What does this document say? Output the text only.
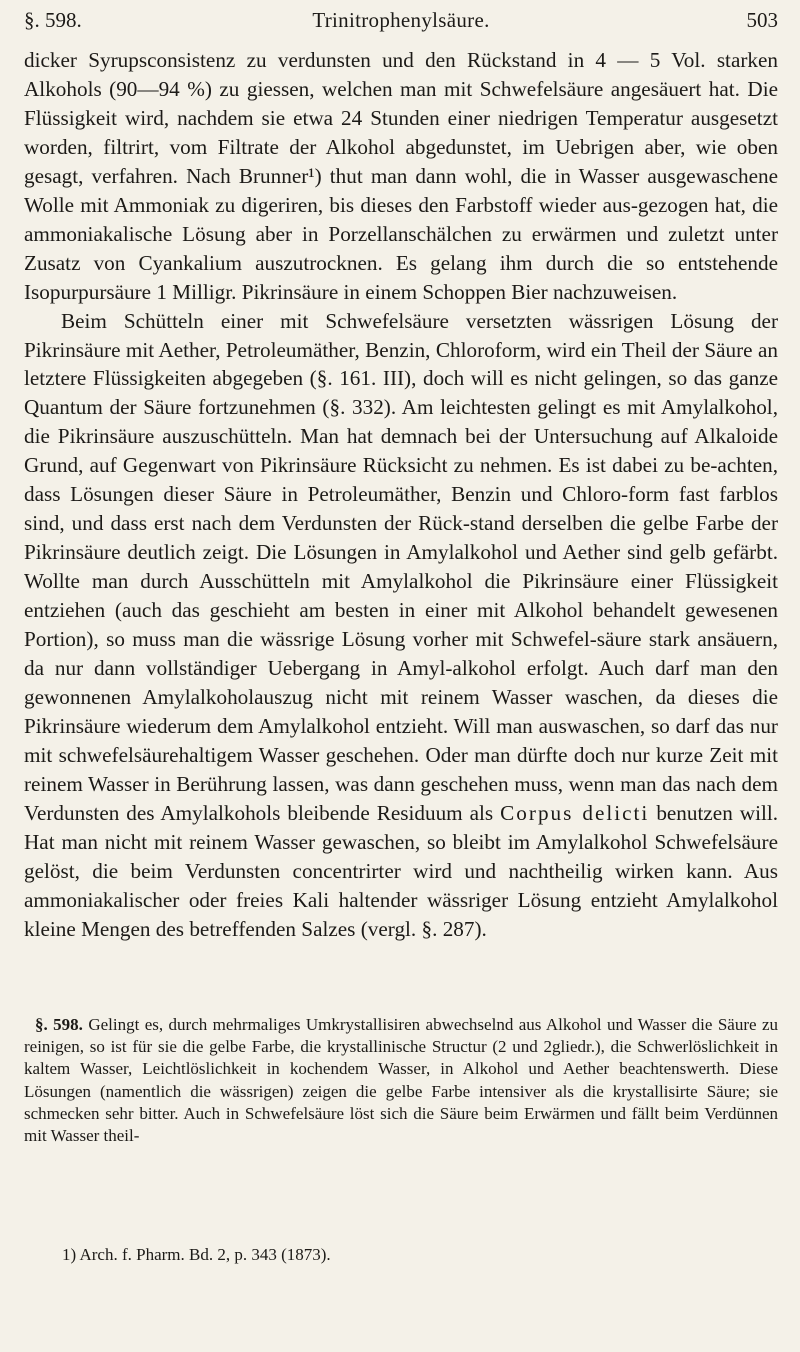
§. 598.	Trinitrophenylsäure.	503

dicker Syrupsconsistenz zu verdunsten und den Rückstand in 4 — 5 Vol. starken Alkohols (90—94 %) zu giessen, welchen man mit Schwefelsäure angesäuert hat. Die Flüssigkeit wird, nachdem sie etwa 24 Stunden einer niedrigen Temperatur ausgesetzt worden, filtrirt, vom Filtrate der Alkohol abgedunstet, im Uebrigen aber, wie oben gesagt, verfahren. Nach Brunner¹) thut man dann wohl, die in Wasser ausgewaschene Wolle mit Ammoniak zu digeriren, bis dieses den Farbstoff wieder aus-gezogen hat, die ammoniakalische Lösung aber in Porzellanschälchen zu erwärmen und zuletzt unter Zusatz von Cyankalium auszutrocknen. Es gelang ihm durch die so entstehende Isopurpursäure 1 Milligr. Pikrinsäure in einem Schoppen Bier nachzuweisen.

Beim Schütteln einer mit Schwefelsäure versetzten wässrigen Lösung der Pikrinsäure mit Aether, Petroleumäther, Benzin, Chloroform, wird ein Theil der Säure an letztere Flüssigkeiten abgegeben (§. 161. III), doch will es nicht gelingen, so das ganze Quantum der Säure fortzunehmen (§. 332). Am leichtesten gelingt es mit Amylalkohol, die Pikrinsäure auszuschütteln. Man hat demnach bei der Untersuchung auf Alkaloide Grund, auf Gegenwart von Pikrinsäure Rücksicht zu nehmen. Es ist dabei zu be-achten, dass Lösungen dieser Säure in Petroleumäther, Benzin und Chloro-form fast farblos sind, und dass erst nach dem Verdunsten der Rück-stand derselben die gelbe Farbe der Pikrinsäure deutlich zeigt. Die Lösungen in Amylalkohol und Aether sind gelb gefärbt. Wollte man durch Ausschütteln mit Amylalkohol die Pikrinsäure einer Flüssigkeit entziehen (auch das geschieht am besten in einer mit Alkohol behandelt gewesenen Portion), so muss man die wässrige Lösung vorher mit Schwefel-säure stark ansäuern, da nur dann vollständiger Uebergang in Amyl-alkohol erfolgt. Auch darf man den gewonnenen Amylalkoholauszug nicht mit reinem Wasser waschen, da dieses die Pikrinsäure wiederum dem Amylalkohol entzieht. Will man auswaschen, so darf das nur mit schwefelsäurehaltigem Wasser geschehen. Oder man dürfte doch nur kurze Zeit mit reinem Wasser in Berührung lassen, was dann geschehen muss, wenn man das nach dem Verdunsten des Amylalkohols bleibende Residuum als Corpus delicti benutzen will. Hat man nicht mit reinem Wasser gewaschen, so bleibt im Amylalkohol Schwefelsäure gelöst, die beim Verdunsten concentrirter wird und nachtheilig wirken kann. Aus ammoniakalischer oder freies Kali haltender wässriger Lösung entzieht Amylalkohol kleine Mengen des betreffenden Salzes (vergl. §. 287).

§. 598. Gelingt es, durch mehrmaliges Umkrystallisiren abwechselnd aus Alkohol und Wasser die Säure zu reinigen, so ist für sie die gelbe Farbe, die krystallinische Structur (2 und 2gliedr.), die Schwerlöslichkeit in kaltem Wasser, Leichtlöslichkeit in kochendem Wasser, in Alkohol und Aether beachtenswerth. Diese Lösungen (namentlich die wässrigen) zeigen die gelbe Farbe intensiver als die krystallisirte Säure; sie schmecken sehr bitter. Auch in Schwefelsäure löst sich die Säure beim Erwärmen und fällt beim Verdünnen mit Wasser theil-

1) Arch. f. Pharm. Bd. 2, p. 343 (1873).
